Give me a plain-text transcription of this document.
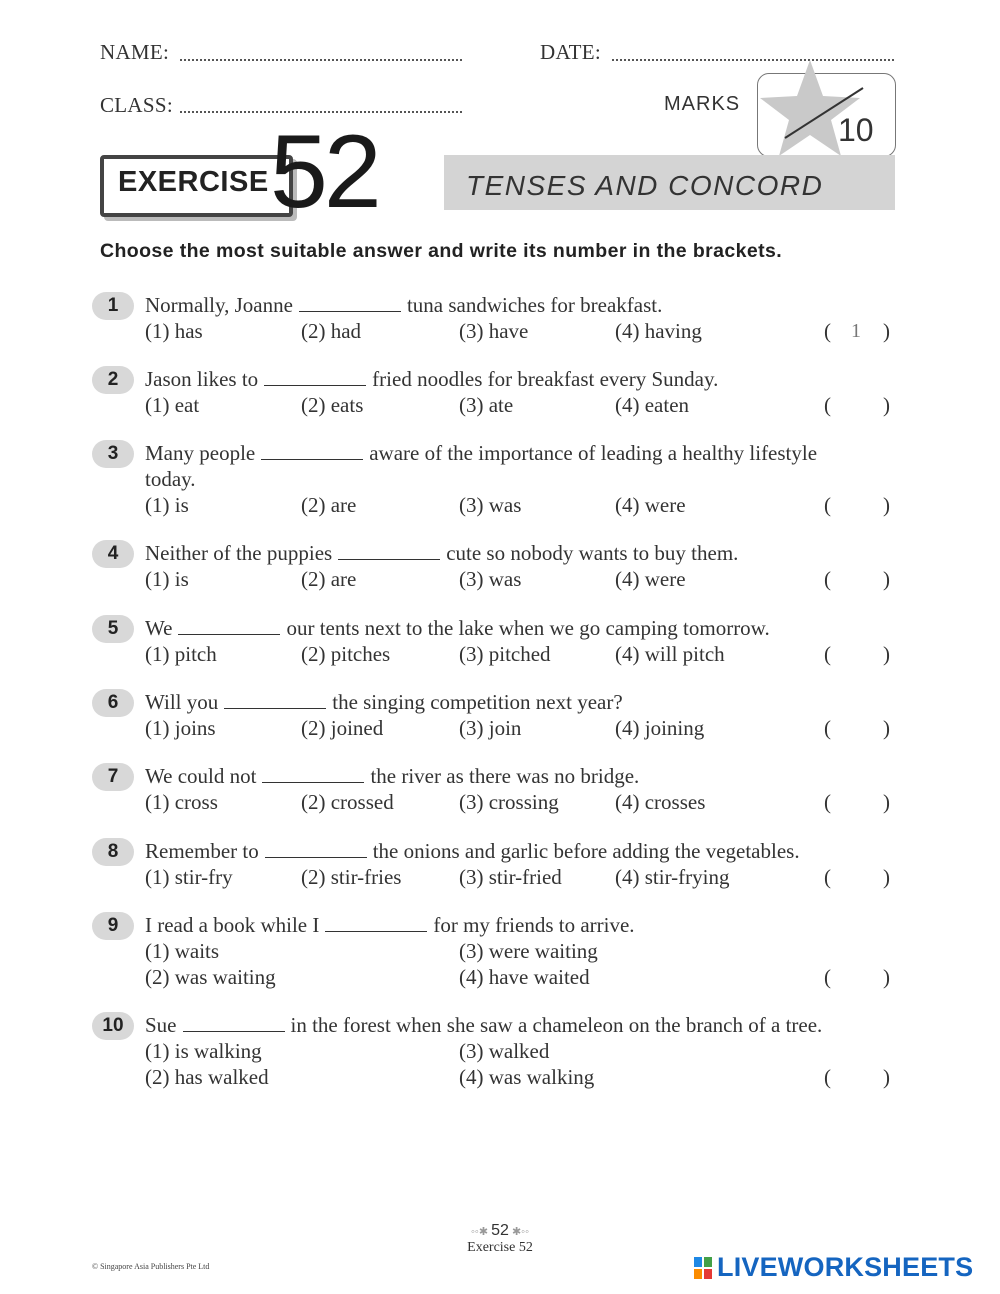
NAME:	DATE:
CLASS:	MARKS
10
EXERCISE 52	TENSES AND CONCORD
Choose the most suitable answer and write its number in the brackets.
1	Normally, Joanne	tuna sandwiches for breakfast.
(1) has	(2) had	(3) have	(4) having	( 1 )
2	Jason likes to	fried noodles for breakfast every Sunday.
(1) eat	(2) eats	(3) ate	(4) eaten	( )
3	Many people	aware of the importance of leading a healthy lifestyle
today.
(1) is	(2) are	(3) was	(4) were	( )
4	Neither of the puppies	cute so nobody wants to buy them.
(1) is	(2) are	(3) was	(4) were	( )
5	We	our tents next to the lake when we go camping tomorrow.
(1) pitch	(2) pitches	(3) pitched	(4) will pitch	( )
6	Will you	the singing competition next year?
(1) joins	(2) joined	(3) join	(4) joining	( )
7	We could not	the river as there was no bridge.
(1) cross	(2) crossed	(3) crossing	(4) crosses	( )
8	Remember to	the onions and garlic before adding the vegetables.
(1) stir-fry	(2) stir-fries	(3) stir-fried	(4) stir-frying	( )
9	I read a book while I	for my friends to arrive.
(1) waits	(3) were waiting
(2) was waiting	(4) have waited	( )
10	Sue	in the forest when she saw a chameleon on the branch of a tree.
(1) is walking	(3) walked
(2) has walked	(4) was walking	( )
◦◦✱ 52 ✱◦◦
Exercise 52
© Singapore Asia Publishers Pte Ltd	LIVEWORKSHEETS
